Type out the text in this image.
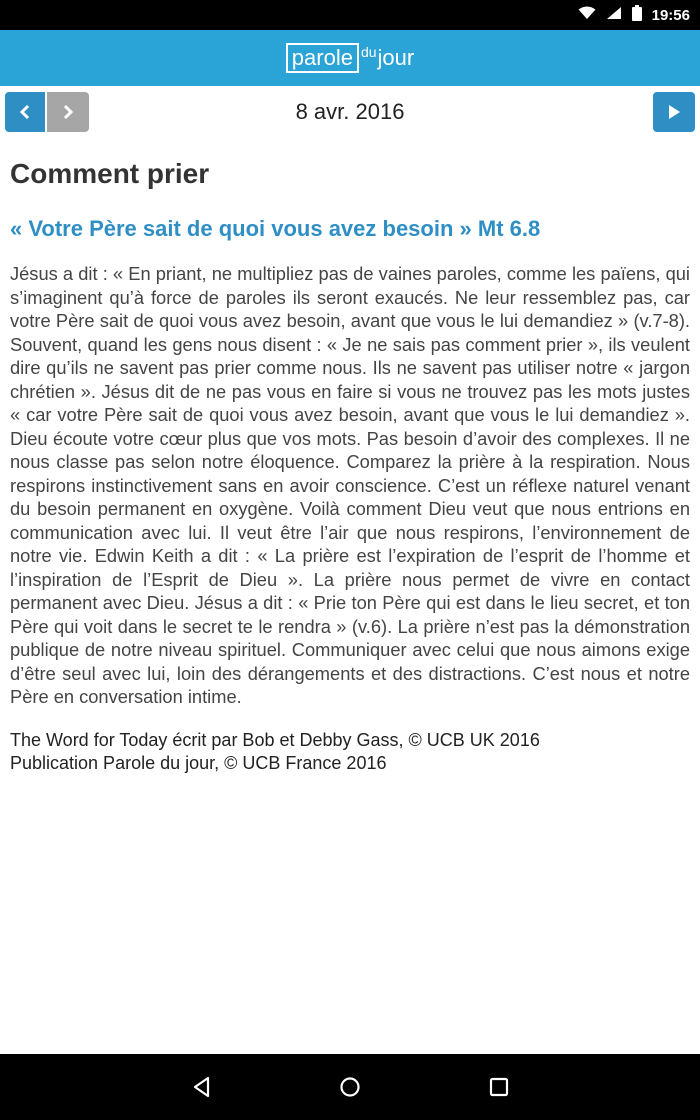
19:56
parole du jour
8 avr. 2016
Comment prier

« Votre Père sait de quoi vous avez besoin » Mt 6.8

Jésus a dit : « En priant, ne multipliez pas de vaines paroles, comme les païens, qui s’imaginent qu’à force de paroles ils seront exaucés. Ne leur ressemblez pas, car votre Père sait de quoi vous avez besoin, avant que vous le lui demandiez » (v.7-8). Souvent, quand les gens nous disent : « Je ne sais pas comment prier », ils veulent dire qu’ils ne savent pas prier comme nous. Ils ne savent pas utiliser notre « jargon chrétien ». Jésus dit de ne pas vous en faire si vous ne trouvez pas les mots justes « car votre Père sait de quoi vous avez besoin, avant que vous le lui demandiez ». Dieu écoute votre cœur plus que vos mots. Pas besoin d’avoir des complexes. Il ne nous classe pas selon notre éloquence. Comparez la prière à la respiration. Nous respirons instinctivement sans en avoir conscience. C’est un réflexe naturel venant du besoin permanent en oxygène. Voilà comment Dieu veut que nous entrions en communication avec lui. Il veut être l’air que nous respirons, l’environnement de notre vie. Edwin Keith a dit : « La prière est l’expiration de l’esprit de l’homme et l’inspiration de l’Esprit de Dieu ». La prière nous permet de vivre en contact permanent avec Dieu. Jésus a dit : « Prie ton Père qui est dans le lieu secret, et ton Père qui voit dans le secret te le rendra » (v.6). La prière n’est pas la démonstration publique de notre niveau spirituel. Communiquer avec celui que nous aimons exige d’être seul avec lui, loin des dérangements et des distractions. C’est nous et notre Père en conversation intime.

The Word for Today écrit par Bob et Debby Gass, © UCB UK 2016
Publication Parole du jour, © UCB France 2016
